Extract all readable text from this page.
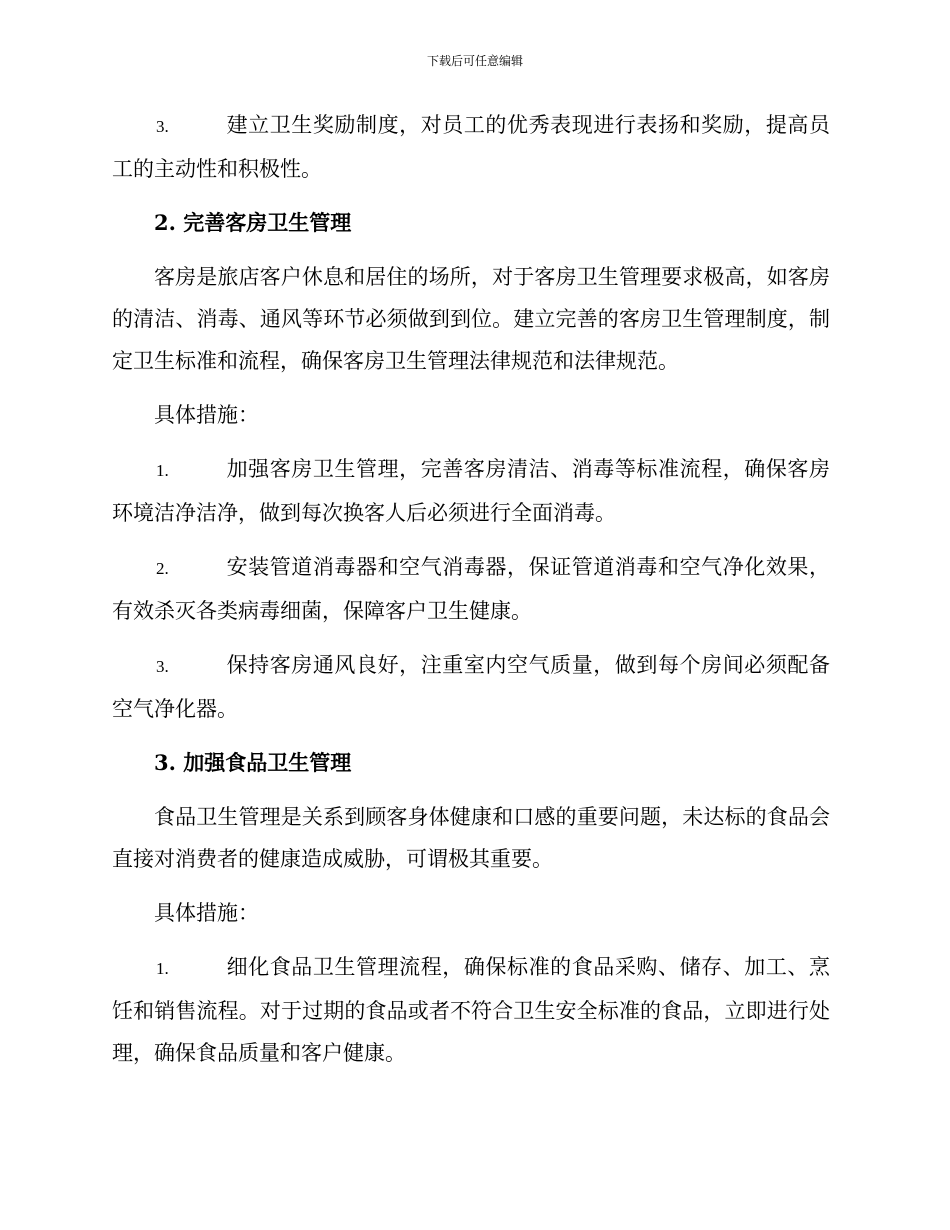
下载后可任意编辑

3.	建立卫生奖励制度，对员工的优秀表现进行表扬和奖励，提高员工的主动性和积极性。

2. 完善客房卫生管理

客房是旅店客户休息和居住的场所，对于客房卫生管理要求极高，如客房的清洁、消毒、通风等环节必须做到到位。建立完善的客房卫生管理制度，制定卫生标准和流程，确保客房卫生管理法律规范和法律规范。

具体措施：

1.	加强客房卫生管理，完善客房清洁、消毒等标准流程，确保客房环境洁净洁净，做到每次换客人后必须进行全面消毒。

2.	安装管道消毒器和空气消毒器，保证管道消毒和空气净化效果，有效杀灭各类病毒细菌，保障客户卫生健康。

3.	保持客房通风良好，注重室内空气质量，做到每个房间必须配备空气净化器。

3. 加强食品卫生管理

食品卫生管理是关系到顾客身体健康和口感的重要问题，未达标的食品会直接对消费者的健康造成威胁，可谓极其重要。

具体措施：

1.	细化食品卫生管理流程，确保标准的食品采购、储存、加工、烹饪和销售流程。对于过期的食品或者不符合卫生安全标准的食品，立即进行处理，确保食品质量和客户健康。
